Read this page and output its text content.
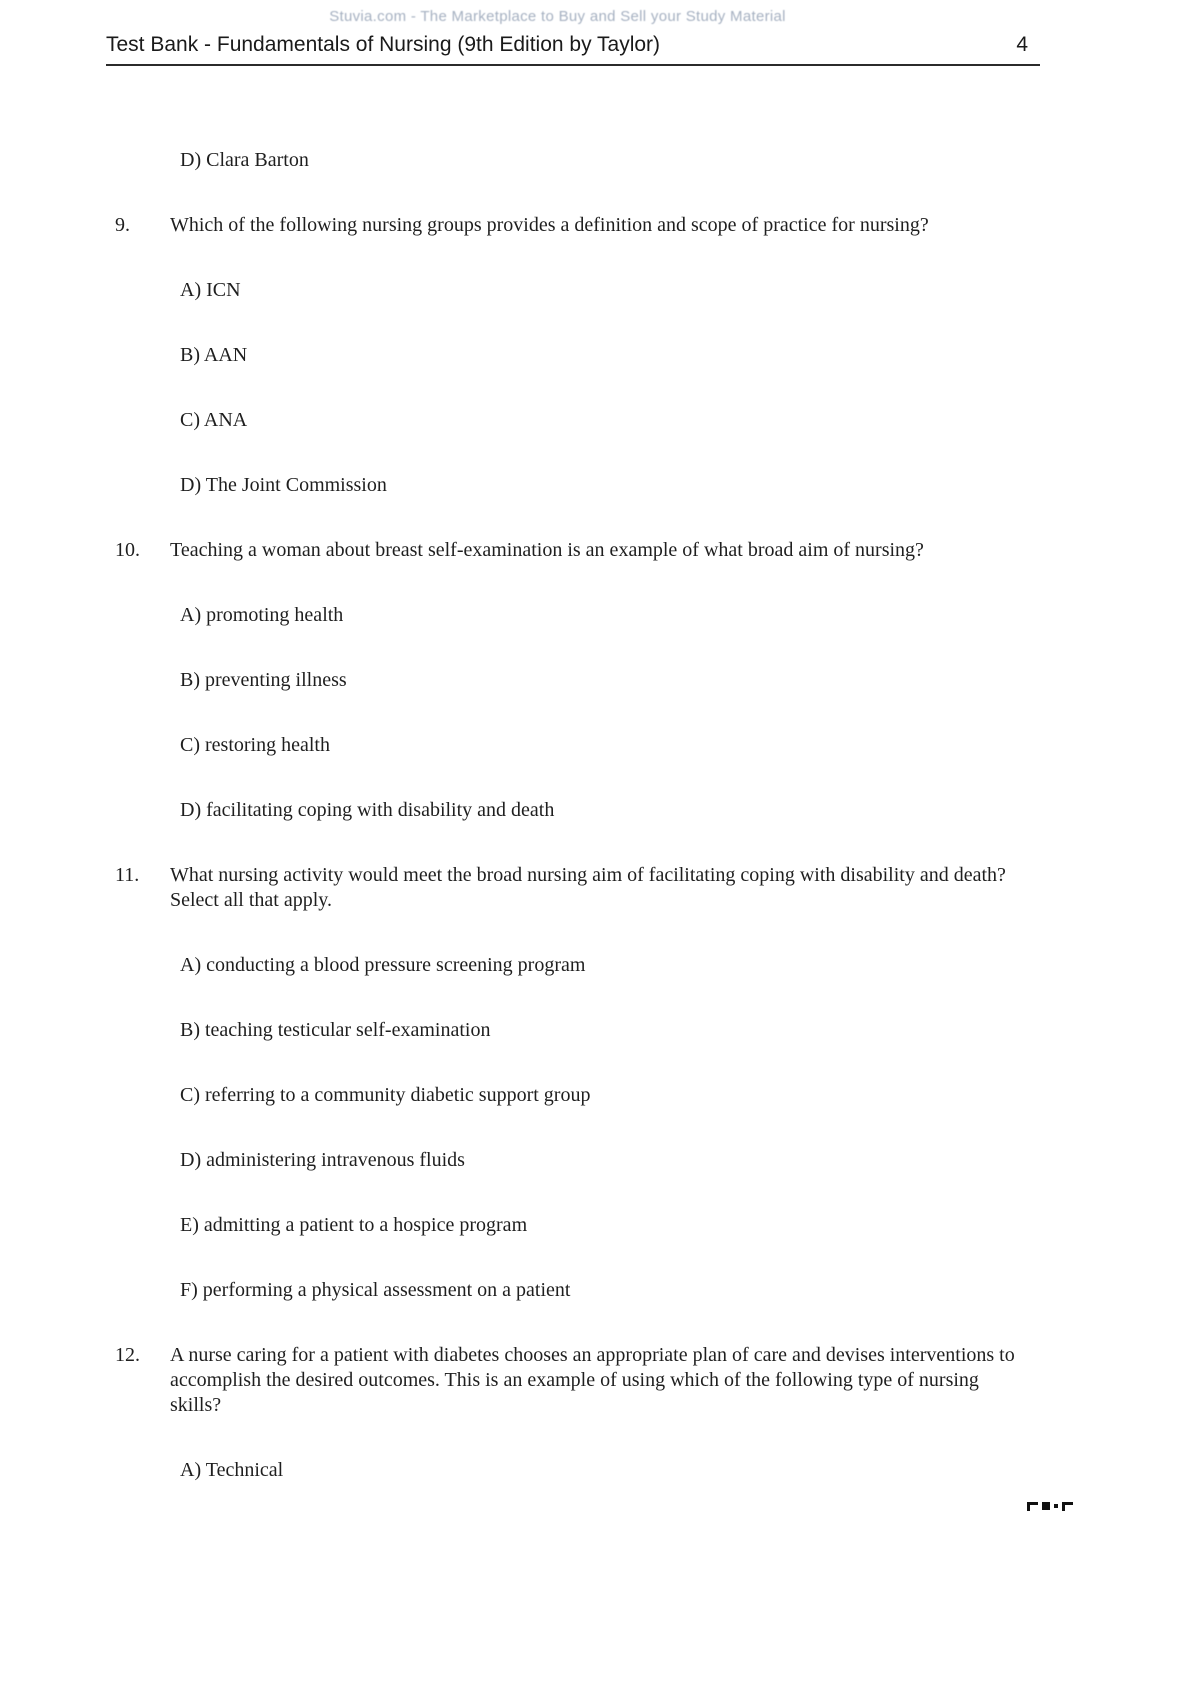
Stuvia.com - The Marketplace to Buy and Sell your Study Material
Test Bank - Fundamentals of Nursing (9th Edition by Taylor)	4
D) Clara Barton
9.	Which of the following nursing groups provides a definition and scope of practice for nursing?
A) ICN
B) AAN
C) ANA
D) The Joint Commission
10.	Teaching a woman about breast self-examination is an example of what broad aim of nursing?
A) promoting health
B) preventing illness
C) restoring health
D) facilitating coping with disability and death
11.	What nursing activity would meet the broad nursing aim of facilitating coping with disability and death? Select all that apply.
A) conducting a blood pressure screening program
B) teaching testicular self-examination
C) referring to a community diabetic support group
D) administering intravenous fluids
E) admitting a patient to a hospice program
F) performing a physical assessment on a patient
12.	A nurse caring for a patient with diabetes chooses an appropriate plan of care and devises interventions to accomplish the desired outcomes. This is an example of using which of the following type of nursing skills?
A) Technical
